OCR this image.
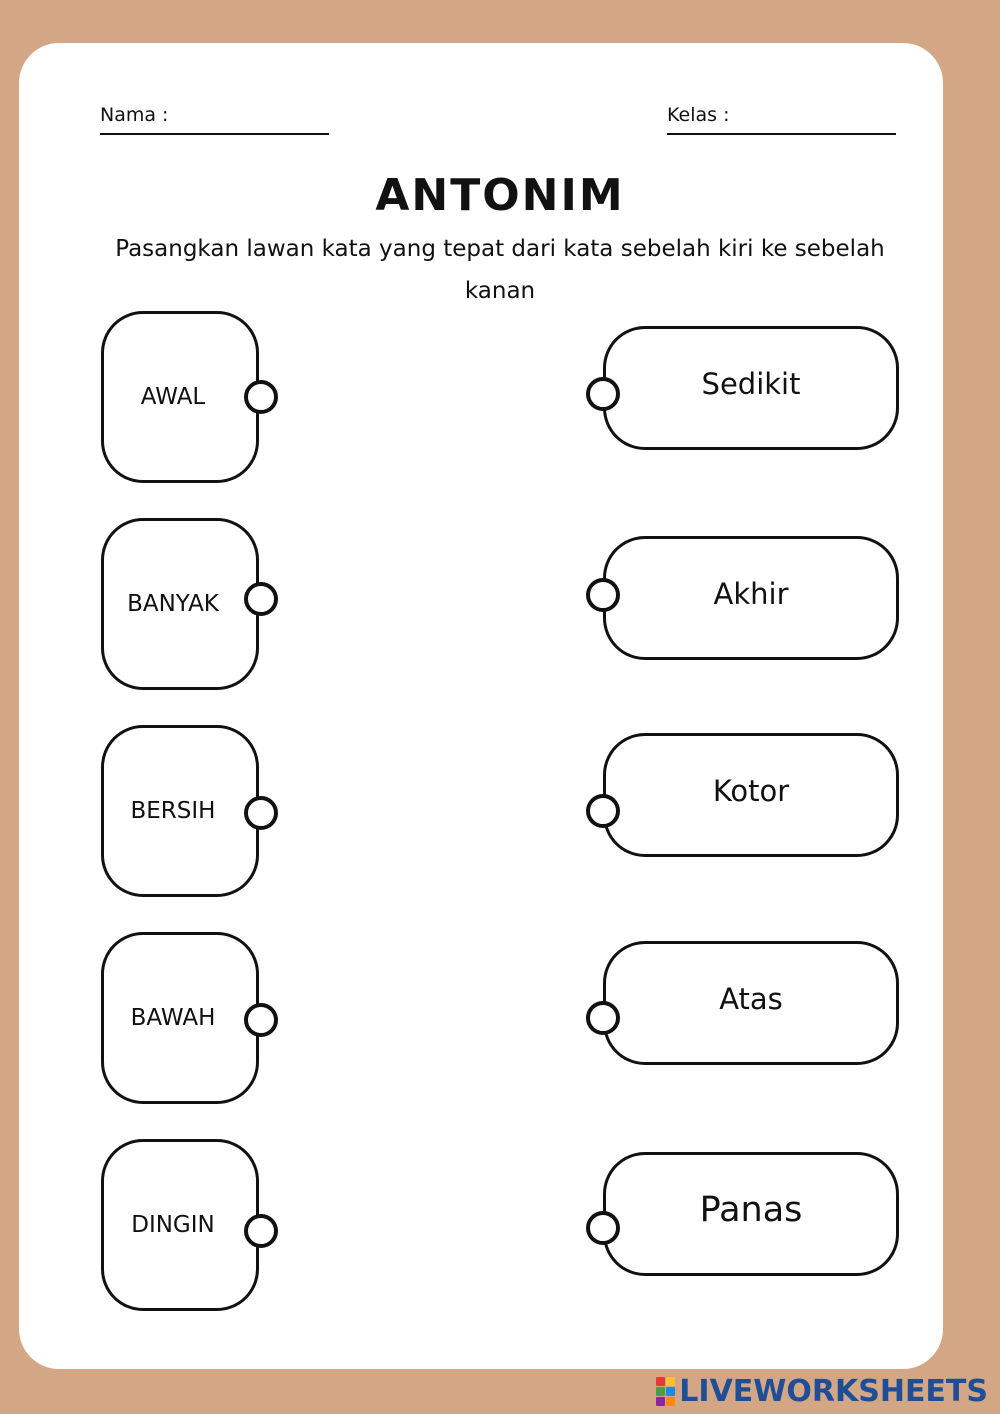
Nama :	Kelas :
ANTONIM
Pasangkan lawan kata yang tepat dari kata sebelah kiri ke sebelah kanan
AWAL
BANYAK
BERSIH
BAWAH
DINGIN
Sedikit
Akhir
Kotor
Atas
Panas
LIVEWORKSHEETS
